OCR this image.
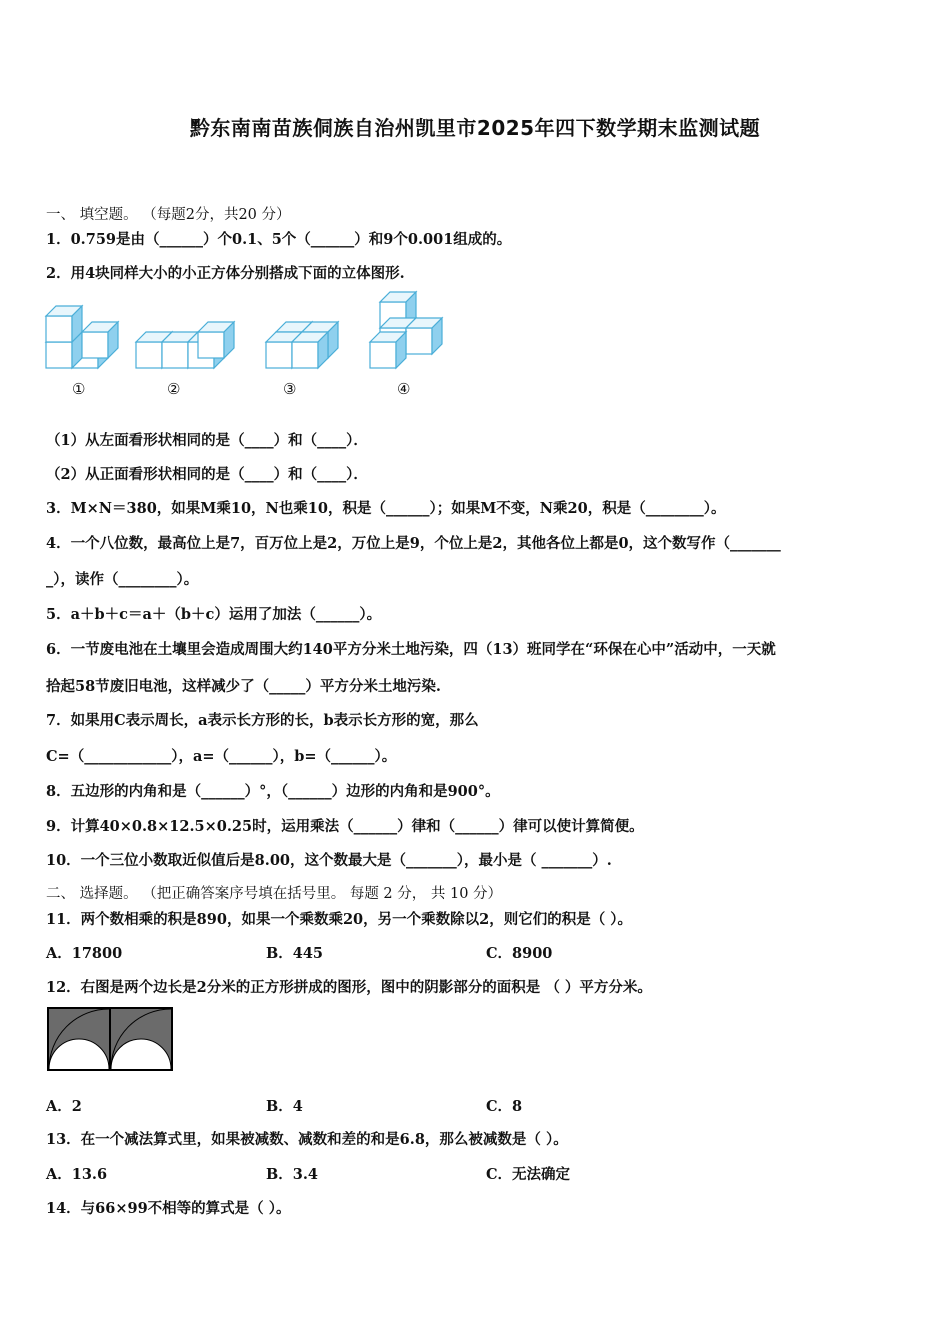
黔东南南苗族侗族自治州凯里市2025年四下数学期末监测试题
一、 填空题。 （每题2分，共20 分）
1．0.759是由（______）个0.1、5个（______）和9个0.001组成的。
2．用4块同样大小的小正方体分别搭成下面的立体图形.
①	②	③	④
（1）从左面看形状相同的是（____）和（____）．
（2）从正面看形状相同的是（____）和（____）．
3．M×N＝380，如果M乘10，N也乘10，积是（______）；如果M不变，N乘20，积是（________）。
4．一个八位数，最高位上是7，百万位上是2，万位上是9，个位上是2，其他各位上都是0，这个数写作（_______
_），读作（________）。
5．a＋b＋c＝a＋（b＋c）运用了加法（______）。
6．一节废电池在土壤里会造成周围大约140平方分米土地污染，四（13）班同学在“环保在心中”活动中，一天就
拾起58节废旧电池，这样减少了（_____）平方分米土地污染.
7．如果用C表示周长，a表示长方形的长，b表示长方形的宽，那么
C=（____________），a=（______），b=（______）。
8．五边形的内角和是（______）°，（______）边形的内角和是900°。
9．计算40×0.8×12.5×0.25时，运用乘法（______）律和（______）律可以使计算简便。
10．一个三位小数取近似值后是8.00，这个数最大是（_______），最小是（ _______）.
二、 选择题。 （把正确答案序号填在括号里。 每题 2 分， 共 10 分）
11．两个数相乘的积是890，如果一个乘数乘20，另一个乘数除以2，则它们的积是（ ）。
A．17800	B．445	C．8900
12．右图是两个边长是2分米的正方形拼成的图形，图中的阴影部分的面积是 （ ）平方分米。
A．2	B．4	C．8
13．在一个减法算式里，如果被减数、减数和差的和是6.8，那么被减数是（ ）。
A．13.6	B．3.4	C．无法确定
14．与66×99不相等的算式是（ ）。
